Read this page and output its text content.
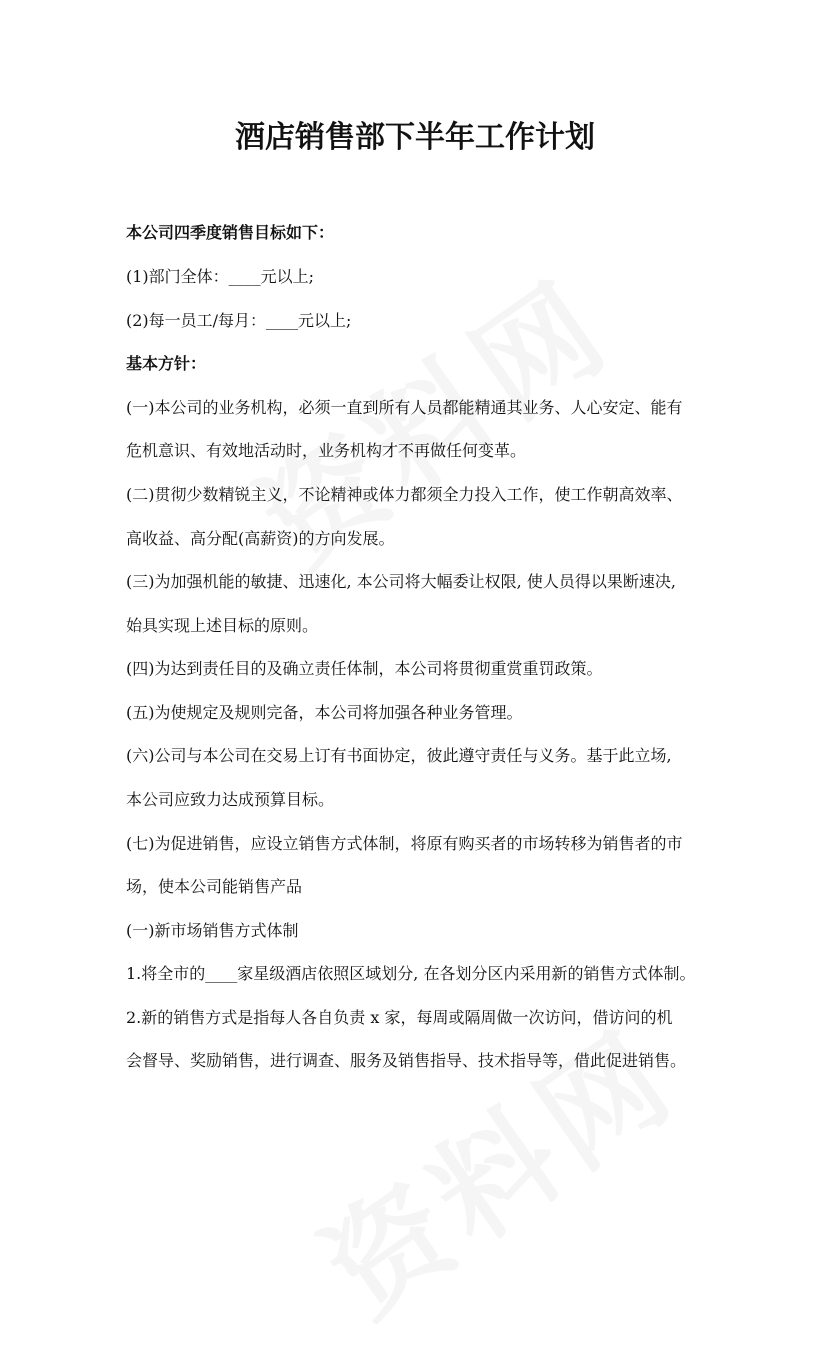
酒店销售部下半年工作计划

本公司四季度销售目标如下：

(1)部门全体：____元以上;

(2)每一员工/每月：____元以上;

基本方针：

(一)本公司的业务机构，必须一直到所有人员都能精通其业务、人心安定、能有

危机意识、有效地活动时，业务机构才不再做任何变革。

(二)贯彻少数精锐主义，不论精神或体力都须全力投入工作，使工作朝高效率、

高收益、高分配(高薪资)的方向发展。

(三)为加强机能的敏捷、迅速化, 本公司将大幅委让权限, 使人员得以果断速决,

始具实现上述目标的原则。

(四)为达到责任目的及确立责任体制，本公司将贯彻重赏重罚政策。

(五)为使规定及规则完备，本公司将加强各种业务管理。

(六)公司与本公司在交易上订有书面协定，彼此遵守责任与义务。基于此立场,

本公司应致力达成预算目标。

(七)为促进销售，应设立销售方式体制，将原有购买者的市场转移为销售者的市

场，使本公司能销售产品

(一)新市场销售方式体制

1.将全市的____家星级酒店依照区域划分, 在各划分区内采用新的销售方式体制。

2.新的销售方式是指每人各自负责 x 家，每周或隔周做一次访问，借访问的机

会督导、奖励销售，进行调查、服务及销售指导、技术指导等，借此促进销售。
